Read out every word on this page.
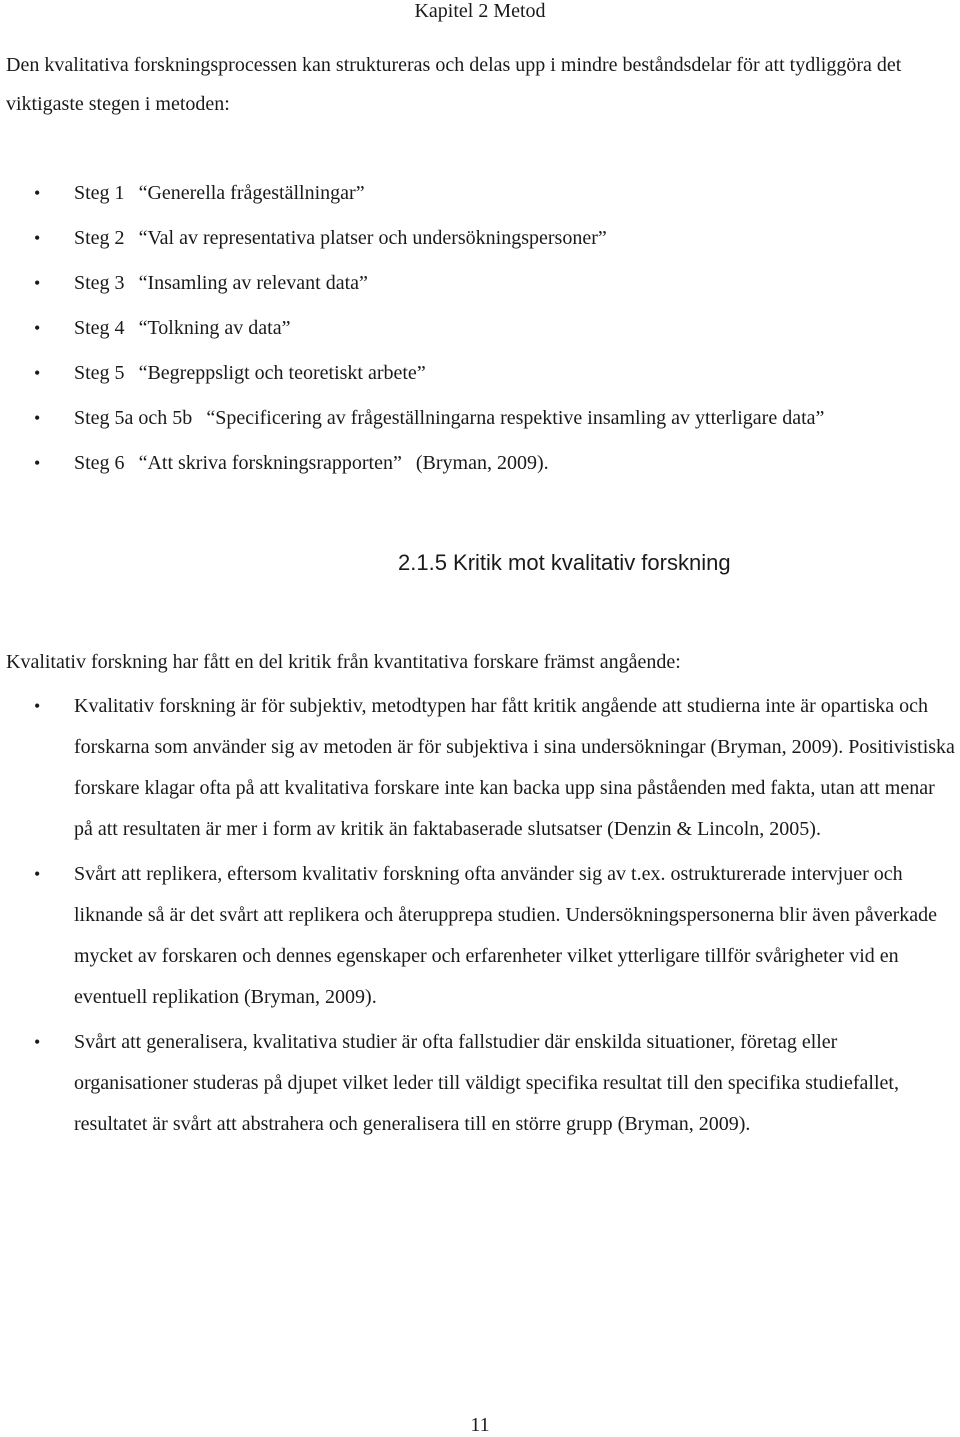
Kapitel 2 Metod

Den kvalitativa forskningsprocessen kan struktureras och delas upp i mindre beståndsdelar för att tydliggöra det viktigaste stegen i metoden:

• Steg 1 “Generella frågeställningar”
• Steg 2 “Val av representativa platser och undersökningspersoner”
• Steg 3 “Insamling av relevant data”
• Steg 4 “Tolkning av data”
• Steg 5 “Begreppsligt och teoretiskt arbete”
• Steg 5a och 5b “Specificering av frågeställningarna respektive insamling av ytterligare data”
• Steg 6 “Att skriva forskningsrapporten” (Bryman, 2009).
2.1.5 Kritik mot kvalitativ forskning

Kvalitativ forskning har fått en del kritik från kvantitativa forskare främst angående:

• Kvalitativ forskning är för subjektiv, metodtypen har fått kritik angående att studierna inte är opartiska och forskarna som använder sig av metoden är för subjektiva i sina undersökningar (Bryman, 2009). Positivistiska forskare klagar ofta på att kvalitativa forskare inte kan backa upp sina påståenden med fakta, utan att menar på att resultaten är mer i form av kritik än faktabaserade slutsatser (Denzin & Lincoln, 2005).
• Svårt att replikera, eftersom kvalitativ forskning ofta använder sig av t.ex. ostrukturerade intervjuer och liknande så är det svårt att replikera och återupprepa studien. Undersökningspersonerna blir även påverkade mycket av forskaren och dennes egenskaper och erfarenheter vilket ytterligare tillför svårigheter vid en eventuell replikation (Bryman, 2009).
• Svårt att generalisera, kvalitativa studier är ofta fallstudier där enskilda situationer, företag eller organisationer studeras på djupet vilket leder till väldigt specifika resultat till den specifika studiefallet, resultatet är svårt att abstrahera och generalisera till en större grupp (Bryman, 2009).
11
